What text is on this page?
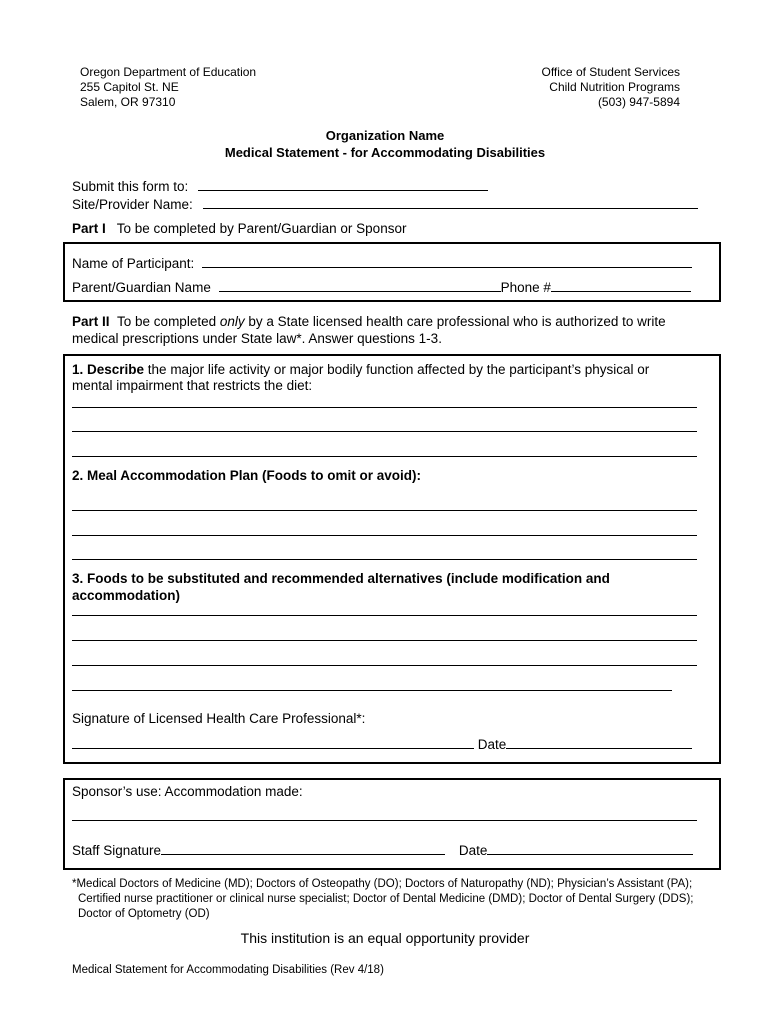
Oregon Department of Education
255 Capitol St. NE
Salem, OR 97310
Office of Student Services
Child Nutrition Programs
(503) 947-5894
Organization Name
Medical Statement - for Accommodating Disabilities
Submit this form to:
Site/Provider Name:
Part I To be completed by Parent/Guardian or Sponsor
Name of Participant:
Parent/Guardian Name	Phone #
Part II To be completed only by a State licensed health care professional who is authorized to write
medical prescriptions under State law*. Answer questions 1-3.
1. Describe the major life activity or major bodily function affected by the participant’s physical or
mental impairment that restricts the diet:
2. Meal Accommodation Plan (Foods to omit or avoid):
3. Foods to be substituted and recommended alternatives (include modification and
accommodation)
Signature of Licensed Health Care Professional*:
Date
Sponsor’s use: Accommodation made:
Staff Signature	Date
*Medical Doctors of Medicine (MD); Doctors of Osteopathy (DO); Doctors of Naturopathy (ND); Physician’s Assistant (PA);
Certified nurse practitioner or clinical nurse specialist; Doctor of Dental Medicine (DMD); Doctor of Dental Surgery (DDS);
Doctor of Optometry (OD)
This institution is an equal opportunity provider
Medical Statement for Accommodating Disabilities (Rev 4/18)
